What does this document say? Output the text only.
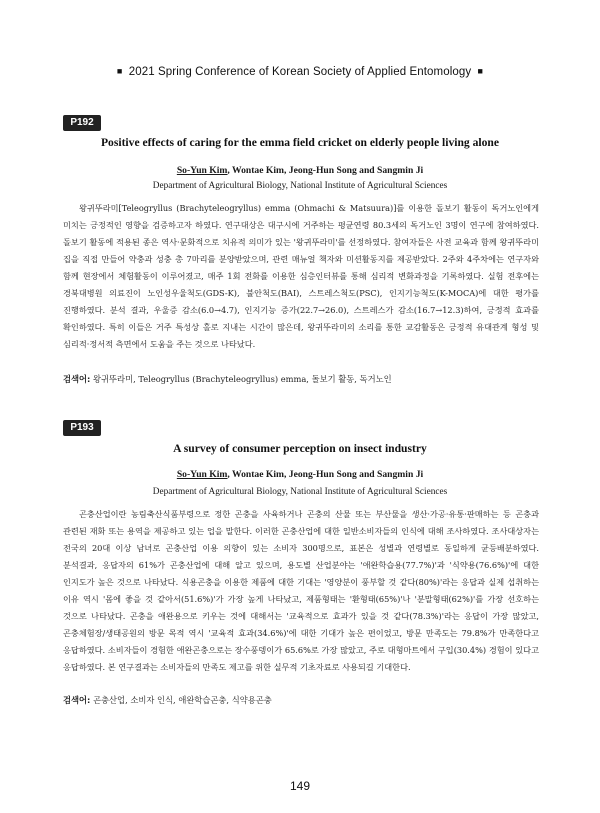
■ 2021 Spring Conference of Korean Society of Applied Entomology ■
P192
Positive effects of caring for the emma field cricket on elderly people living alone
So-Yun Kim, Wontae Kim, Jeong-Hun Song and Sangmin Ji
Department of Agricultural Biology, National Institute of Agricultural Sciences

왕귀뚜라미[Teleogryllus (Brachyteleogryllus) emma (Ohmachi & Matsuura)]를 이용한 돌보기 활동이 독거노인에게 미치는 긍정적인 영향을 검증하고자 하였다. 연구대상은 대구시에 거주하는 평균연령 80.3세의 독거노인 3명이 연구에 참여하였다. 돌보기 활동에 적용된 종은 역사·문화적으로 치유적 의미가 있는 '왕귀뚜라미'를 선정하였다. 참여자들은 사전 교육과 함께 왕귀뚜라미 집을 직접 만들어 약충과 성충 총 7마리를 분양받았으며, 관련 매뉴얼 책자와 미션활동지를 제공받았다. 2주와 4주차에는 연구자와 함께 현장에서 체험활동이 이루어졌고, 매주 1회 전화를 이용한 심층인터뷰를 통해 심리적 변화과정을 기록하였다. 실험 전후에는 경북대병원 의료진이 노인성우울척도(GDS-K), 불안척도(BAI), 스트레스척도(PSC), 인지기능척도(K-MOCA)에 대한 평가를 진행하였다. 분석 결과, 우울증 감소(6.0→4.7), 인지기능 증가(22.7→26.0), 스트레스가 감소(16.7→12.3)하여, 긍정적 효과를 확인하였다. 특히 이들은 거주 특성상 홀로 지내는 시간이 많은데, 왕귀뚜라미의 소리를 통한 교감활동은 긍정적 유대관계 형성 및 심리적·정서적 측면에서 도움을 주는 것으로 나타났다.

검색어: 왕귀뚜라미, Teleogryllus (Brachyteleogryllus) emma, 돌보기 활동, 독거노인
P193
A survey of consumer perception on insect industry
So-Yun Kim, Wontae Kim, Jeong-Hun Song and Sangmin Ji
Department of Agricultural Biology, National Institute of Agricultural Sciences

곤충산업이란 농림축산식품부령으로 정한 곤충을 사육하거나 곤충의 산물 또는 부산물을 생산·가공·유통·판매하는 등 곤충과 관련된 재화 또는 용역을 제공하고 있는 업을 말한다. 이러한 곤충산업에 대한 일반소비자들의 인식에 대해 조사하였다. 조사대상자는 전국의 20대 이상 남녀로 곤충산업 이용 의향이 있는 소비자 300명으로, 표본은 성별과 연령별로 동일하게 균등배분하였다. 분석결과, 응답자의 61%가 곤충산업에 대해 알고 있으며, 용도별 산업분야는 '애완학습용(77.7%)'과 '식약용(76.6%)'에 대한 인지도가 높은 것으로 나타났다. 식용곤충을 이용한 제품에 대한 기대는 '영양분이 풍부할 것 같다(80%)'라는 응답과 실제 섭취하는 이유 역시 '몸에 좋을 것 같아서(51.6%)'가 가장 높게 나타났고, 제품형태는 '환형태(65%)'나 '분말형태(62%)'를 가장 선호하는 것으로 나타났다. 곤충을 애완용으로 키우는 것에 대해서는 '교육적으로 효과가 있을 것 같다(78.3%)'라는 응답이 가장 많았고, 곤충체험장/생태공원의 방문 목적 역시 '교육적 효과(34.6%)'에 대한 기대가 높은 편이었고, 방문 만족도는 79.8%가 만족한다고 응답하였다. 소비자들이 경험한 애완곤충으로는 장수풍뎅이가 65.6%로 가장 많았고, 주로 대형마트에서 구입(30.4%) 경험이 있다고 응답하였다. 본 연구결과는 소비자들의 만족도 제고를 위한 실무적 기초자료로 사용되길 기대한다.

검색어: 곤충산업, 소비자 인식, 애완학습곤충, 식약용곤충
149
